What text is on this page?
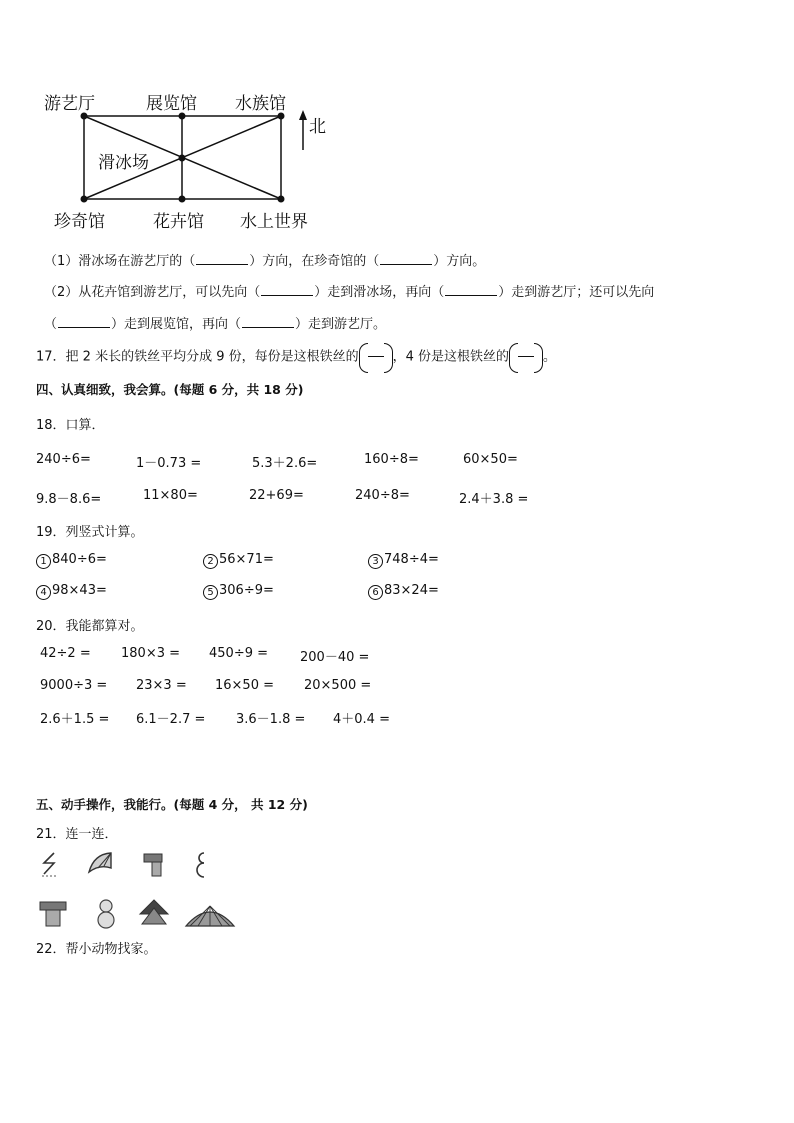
游艺厅	展览馆 水族馆
滑冰场
珍奇馆	花卉馆 水上世界
北
（1）滑冰场在游艺厅的（	）方向，在珍奇馆的（	）方向。
（2）从花卉馆到游艺厅，可以先向（	）走到滑冰场，再向（	）走到游艺厅；还可以先向
（	）走到展览馆，再向（	）走到游艺厅。
17．把 2 米长的铁丝平均分成 9 份，每份是这根铁丝的	，4 份是这根铁丝的	。
四、认真细致，我会算。(每题 6 分，共 18 分)
18．口算．
240÷6=	1－0.73 =	5.3＋2.6=	160÷8=	60×50=
9.8－8.6=	11×80=	22+69=	240÷8=	2.4＋3.8 =
19．列竖式计算。
1 840÷6=	2 56×71=	3 748÷4=
4 98×43=	5 306÷9=	6 83×24=
20．我能都算对。
42÷2 = 180×3 = 450÷9 = 200－40 =
9000÷3 = 23×3 = 16×50 = 20×500 =
2.6＋1.5 = 6.1－2.7 = 3.6－1.8 = 4＋0.4 =
五、动手操作，我能行。(每题 4 分， 共 12 分)
21．连一连．
22．帮小动物找家。
